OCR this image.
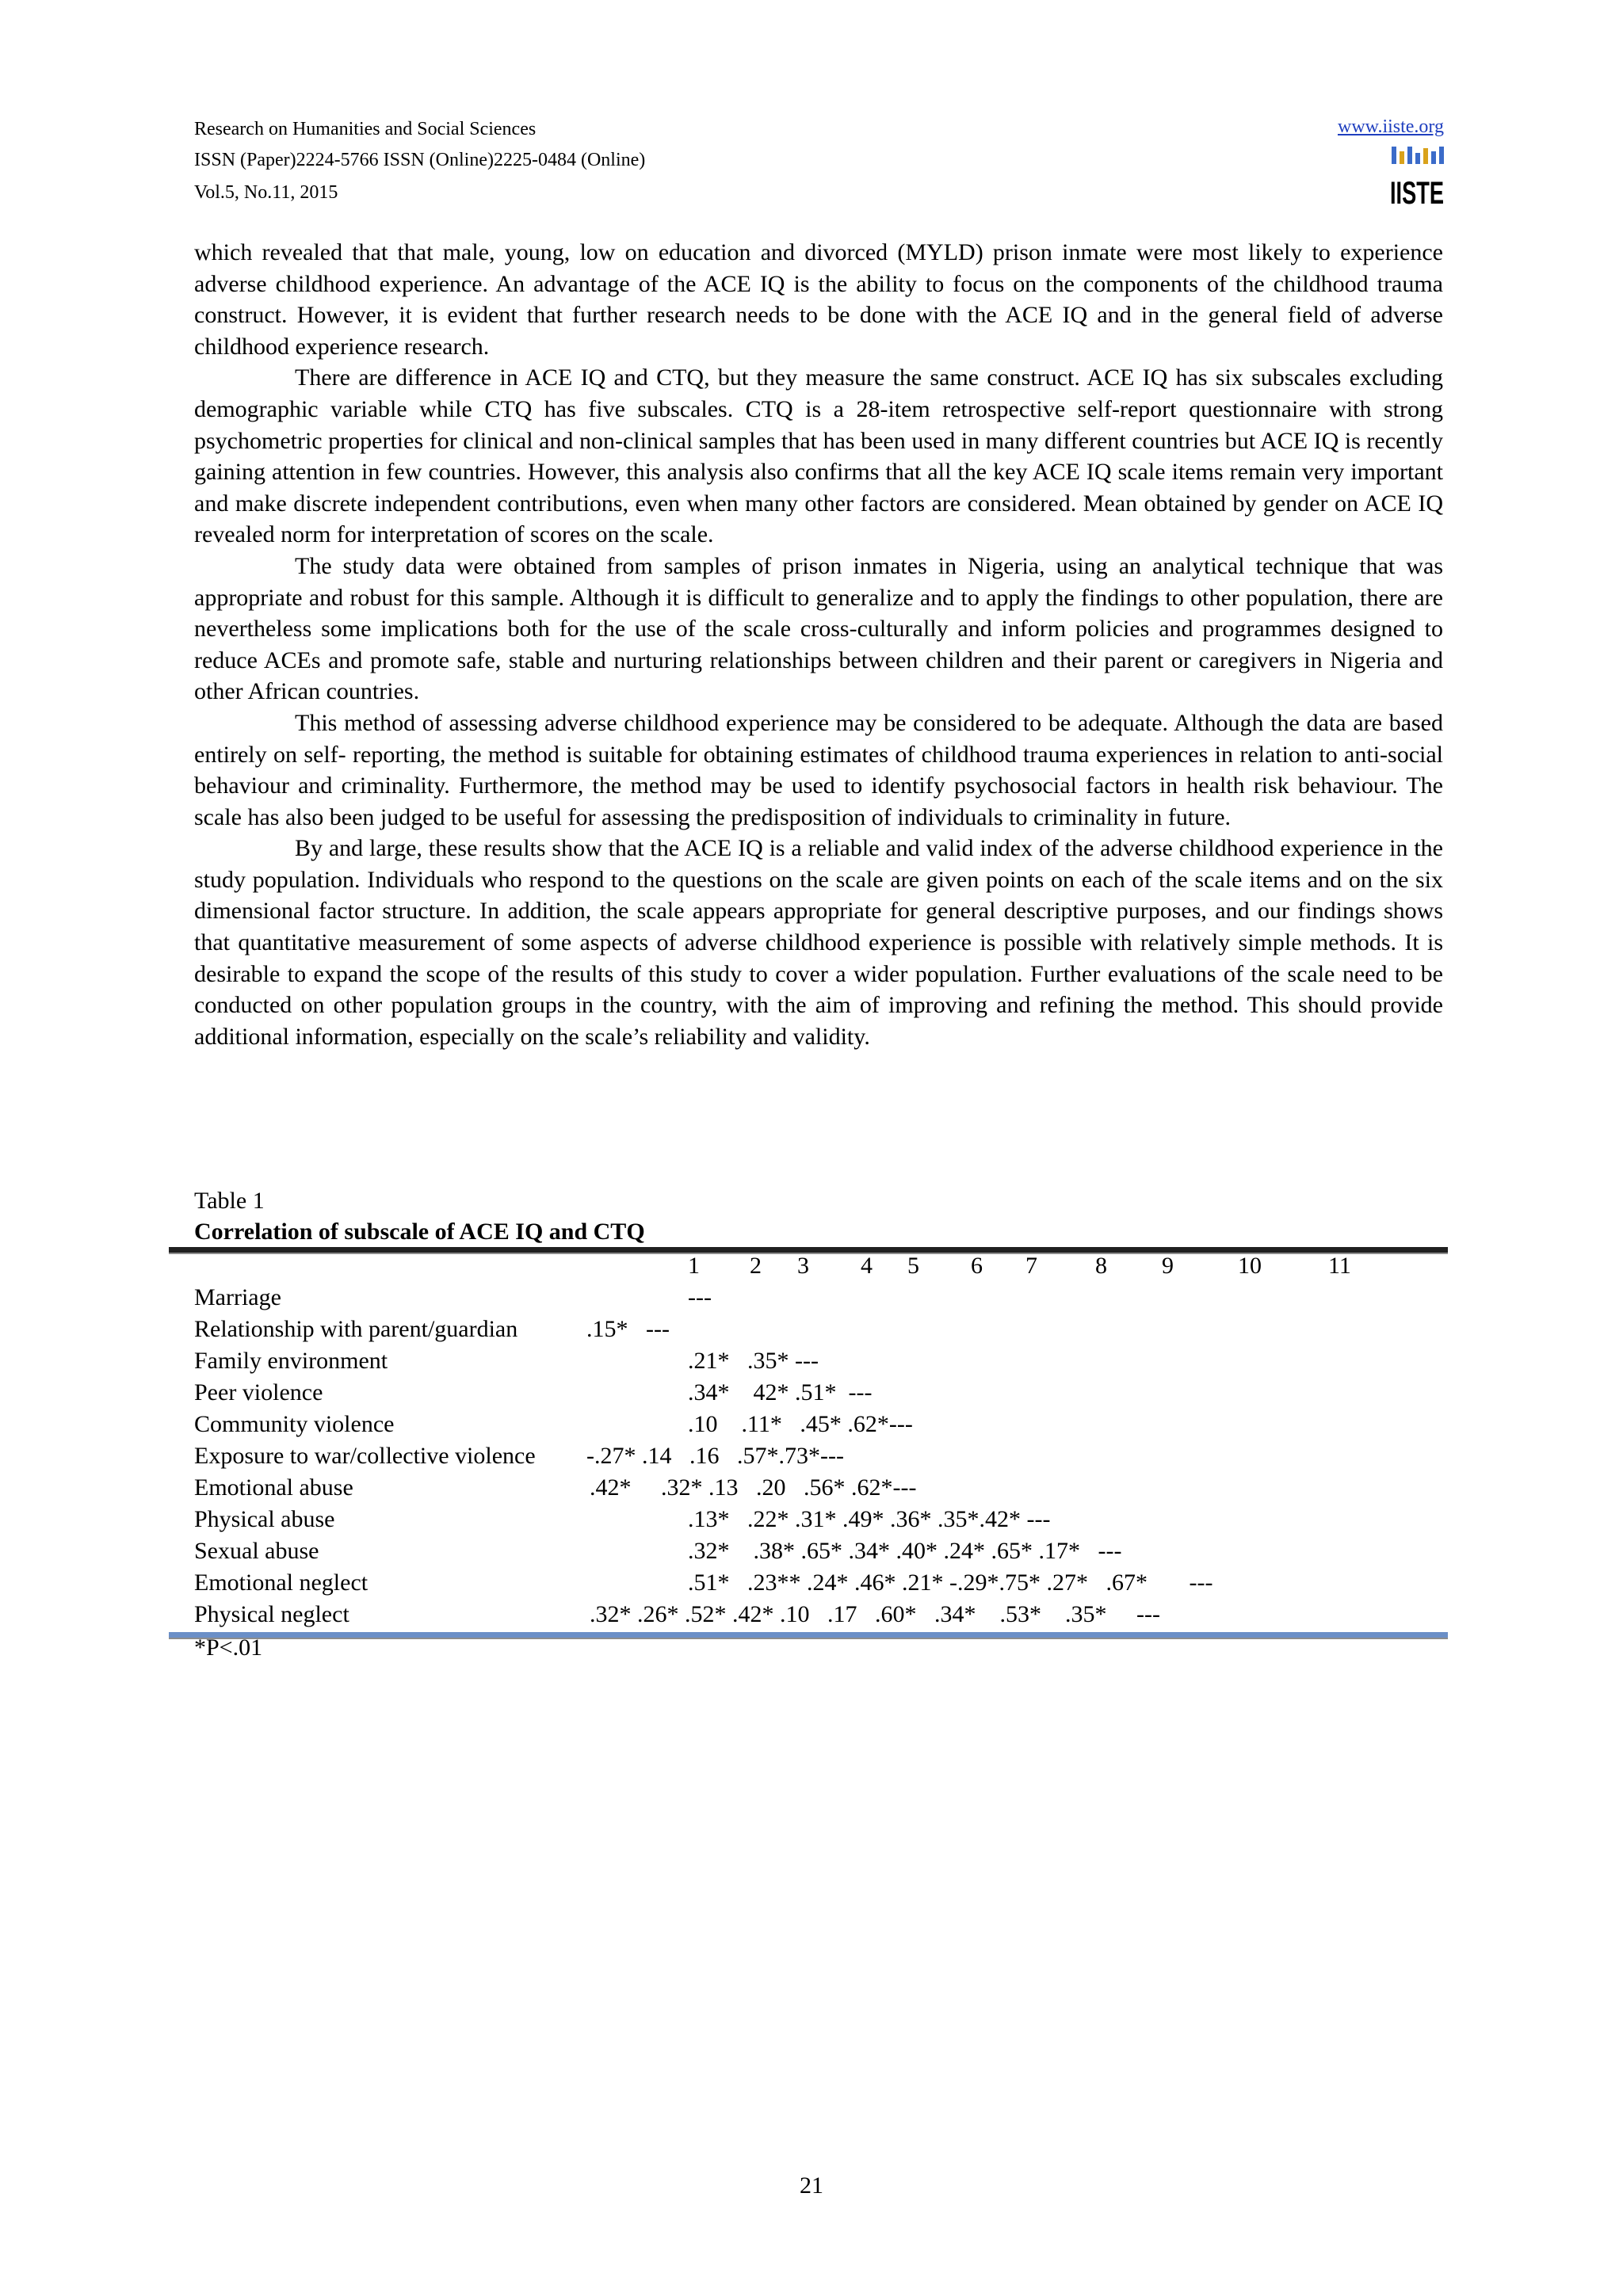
Research on Humanities and Social Sciences
ISSN (Paper)2224-5766 ISSN (Online)2225-0484 (Online)
Vol.5, No.11, 2015
www.iiste.org
IISTE

which revealed that that male, young, low on education and divorced (MYLD) prison inmate were most likely to experience adverse childhood experience. An advantage of the ACE IQ is the ability to focus on the components of the childhood trauma construct. However, it is evident that further research needs to be done with the ACE IQ and in the general field of adverse childhood experience research.

There are difference in ACE IQ and CTQ, but they measure the same construct. ACE IQ has six subscales excluding demographic variable while CTQ has five subscales. CTQ is a 28-item retrospective self-report questionnaire with strong psychometric properties for clinical and non-clinical samples that has been used in many different countries but ACE IQ is recently gaining attention in few countries. However, this analysis also confirms that all the key ACE IQ scale items remain very important and make discrete independent contributions, even when many other factors are considered. Mean obtained by gender on ACE IQ revealed norm for interpretation of scores on the scale.

The study data were obtained from samples of prison inmates in Nigeria, using an analytical technique that was appropriate and robust for this sample. Although it is difficult to generalize and to apply the findings to other population, there are nevertheless some implications both for the use of the scale cross-culturally and inform policies and programmes designed to reduce ACEs and promote safe, stable and nurturing relationships between children and their parent or caregivers in Nigeria and other African countries.

This method of assessing adverse childhood experience may be considered to be adequate. Although the data are based entirely on self- reporting, the method is suitable for obtaining estimates of childhood trauma experiences in relation to anti-social behaviour and criminality. Furthermore, the method may be used to identify psychosocial factors in health risk behaviour. The scale has also been judged to be useful for assessing the predisposition of individuals to criminality in future.

By and large, these results show that the ACE IQ is a reliable and valid index of the adverse childhood experience in the study population. Individuals who respond to the questions on the scale are given points on each of the scale items and on the six dimensional factor structure. In addition, the scale appears appropriate for general descriptive purposes, and our findings shows that quantitative measurement of some aspects of adverse childhood experience is possible with relatively simple methods. It is desirable to expand the scope of the results of this study to cover a wider population. Further evaluations of the scale need to be conducted on other population groups in the country, with the aim of improving and refining the method. This should provide additional information, especially on the scale’s reliability and validity.

Table 1
Correlation of subscale of ACE IQ and CTQ
1 2 3 4 5 6 7 8 9	10	11
Marriage	---
Relationship with parent/guardian	.15*   ---
Family environment	.21*   .35* ---
Peer violence	.34*    42* .51*  ---
Community violence	.10    .11*   .45* .62*---
Exposure to war/collective violence -.27* .14   .16   .57*.73*---
Emotional abuse	.42*     .32* .13   .20   .56* .62*---
Physical abuse	.13*   .22* .31* .49* .36* .35*.42* ---
Sexual abuse	.32*    .38* .65* .34* .40* .24* .65* .17*   ---
Emotional neglect	.51*   .23** .24* .46* .21* -.29*.75* .27*   .67*       ---
Physical neglect	.32* .26* .52* .42* .10   .17   .60*   .34*    .53*    .35*     ---
*P<.01
21
